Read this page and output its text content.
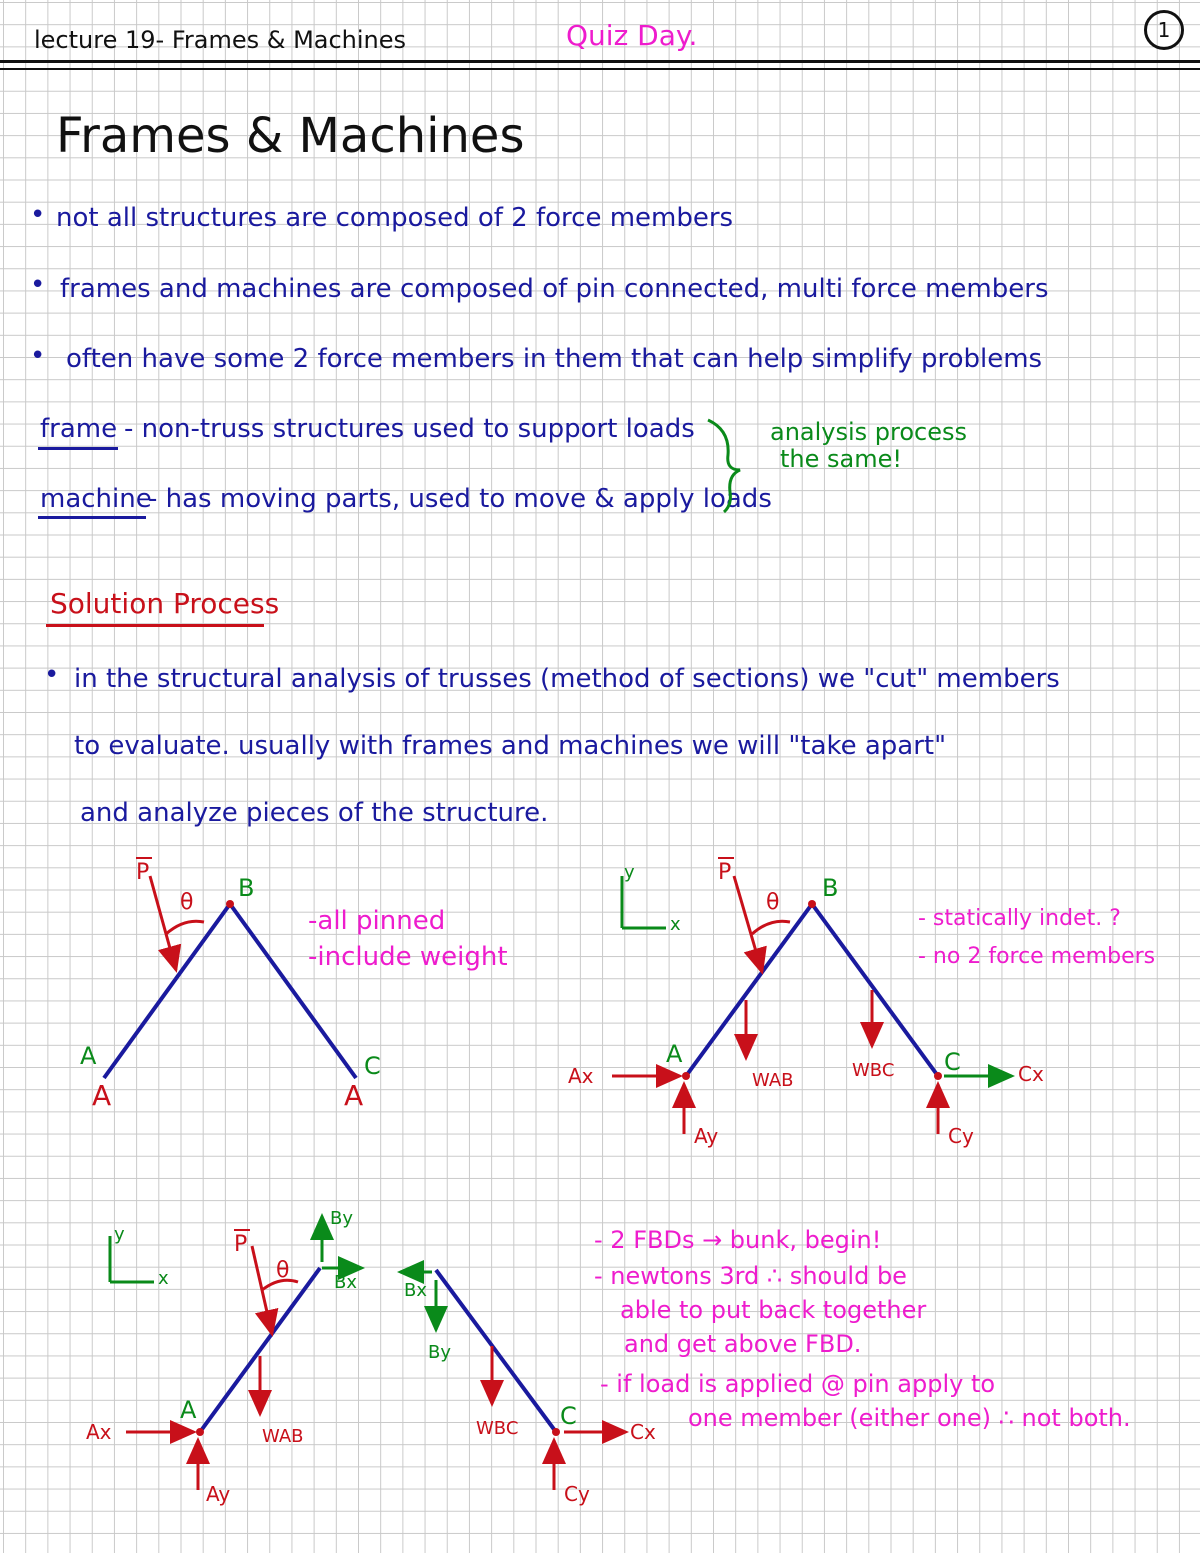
lecture 19- Frames & Machines	Quiz Day.	1
Frames & Machines
• not all structures are composed of 2 force members
• frames and machines are composed of pin connected, multi force members
• often have some 2 force members in them that can help simplify problems
frame - non-truss structures used to support loads
machine
- has moving parts, used to move & apply loads
analysis process
the same!
Solution Process
• in the structural analysis of trusses (method of sections) we "cut" members
to evaluate. usually with frames and machines we will "take apart"
and analyze pieces of the structure.
P
θ
B
A	C
A	A
-all pinned
-include weight
y
x
P
θ
B
A	C
Ax
Ay
WAB	WBC	Cx
Cy
- statically indet. ?
- no 2 force members
y
x
P
θ
By
Bx
A
Ax
Ay
WAB
Bx
By
WBC C
Cx
Cy
- 2 FBDs → bunk, begin!
- newtons 3rd ∴ should be
able to put back together
and get above FBD.
- if load is applied @ pin apply to
one member (either one) ∴ not both.
